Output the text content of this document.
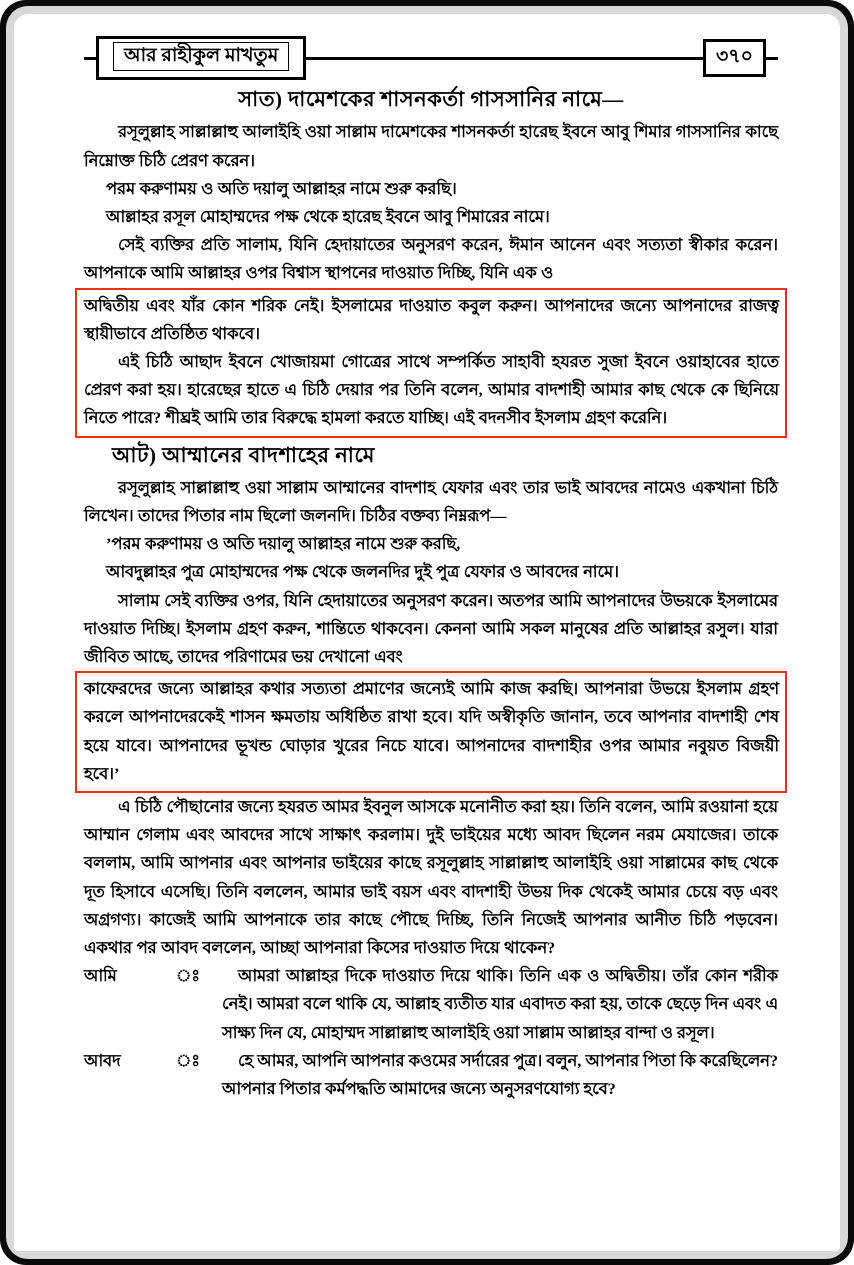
আর রাহীকুল মাখতুম	৩৭০
সাত) দামেশকের শাসনকর্তা গাসসানির নামে—

রসূলুল্লাহ সাল্লাল্লাহু আলাইহি ওয়া সাল্লাম দামেশকের শাসনকর্তা হারেছ ইবনে আবু শিমার গাসসানির কাছে নিম্নোক্ত চিঠি প্রেরণ করেন।

পরম করুণাময় ও অতি দয়ালু আল্লাহর নামে শুরু করছি।

আল্লাহর রসূল মোহাম্মদের পক্ষ থেকে হারেছ ইবনে আবু শিমারের নামে।

সেই ব্যক্তির প্রতি সালাম, যিনি হেদায়াতের অনুসরণ করেন, ঈমান আনেন এবং সত্যতা স্বীকার করেন। আপনাকে আমি আল্লাহর ওপর বিশ্বাস স্থাপনের দাওয়াত দিচ্ছি, যিনি এক ও

অদ্বিতীয় এবং যাঁর কোন শরিক নেই। ইসলামের দাওয়াত কবুল করুন। আপনাদের জন্যে আপনাদের রাজত্ব স্থায়ীভাবে প্রতিষ্ঠিত থাকবে।

এই চিঠি আছাদ ইবনে খোজায়মা গোত্রের সাথে সম্পর্কিত সাহাবী হযরত সুজা ইবনে ওয়াহাবের হাতে প্রেরণ করা হয়। হারেছের হাতে এ চিঠি দেয়ার পর তিনি বলেন, আমার বাদশাহী আমার কাছ থেকে কে ছিনিয়ে নিতে পারে? শীঘ্রই আমি তার বিরুদ্ধে হামলা করতে যাচ্ছি। এই বদনসীব ইসলাম গ্রহণ করেনি।

আট) আম্মানের বাদশাহের নামে

রসূলুল্লাহ সাল্লাল্লাহু ওয়া সাল্লাম আম্মানের বাদশাহ যেফার এবং তার ভাই আবদের নামেও একখানা চিঠি লিখেন। তাদের পিতার নাম ছিলো জলনদি। চিঠির বক্তব্য নিম্নরূপ—

’পরম করুণাময় ও অতি দয়ালু আল্লাহর নামে শুরু করছি,

আবদুল্লাহর পুত্র মোহাম্মদের পক্ষ থেকে জলনদির দুই পুত্র যেফার ও আবদের নামে।

সালাম সেই ব্যক্তির ওপর, যিনি হেদায়াতের অনুসরণ করেন। অতপর আমি আপনাদের উভয়কে ইসলামের দাওয়াত দিচ্ছি। ইসলাম গ্রহণ করুন, শান্তিতে থাকবেন। কেননা আমি সকল মানুষের প্রতি আল্লাহর রসুল। যারা জীবিত আছে, তাদের পরিণামের ভয় দেখানো এবং

কাফেরদের জন্যে আল্লাহর কথার সত্যতা প্রমাণের জন্যেই আমি কাজ করছি। আপনারা উভয়ে ইসলাম গ্রহণ করলে আপনাদেরকেই শাসন ক্ষমতায় অধিষ্ঠিত রাখা হবে। যদি অস্বীকৃতি জানান, তবে আপনার বাদশাহী শেষ হয়ে যাবে। আপনাদের ভূখন্ড ঘোড়ার খুরের নিচে যাবে। আপনাদের বাদশাহীর ওপর আমার নবুয়ত বিজয়ী হবে।’

এ চিঠি পৌছানোর জন্যে হযরত আমর ইবনুল আসকে মনোনীত করা হয়। তিনি বলেন, আমি রওয়ানা হয়ে আম্মান গেলাম এবং আবদের সাথে সাক্ষাৎ করলাম। দুই ভাইয়ের মধ্যে আবদ ছিলেন নরম মেযাজের। তাকে বললাম, আমি আপনার এবং আপনার ভাইয়ের কাছে রসূলুল্লাহ সাল্লাল্লাহু আলাইহি ওয়া সাল্লামের কাছ থেকে দূত হিসাবে এসেছি। তিনি বললেন, আমার ভাই বয়স এবং বাদশাহী উভয় দিক থেকেই আমার চেয়ে বড় এবং অগ্রগণ্য। কাজেই আমি আপনাকে তার কাছে পৌছে দিচ্ছি, তিনি নিজেই আপনার আনীত চিঠি পড়বেন। একথার পর আবদ বললেন, আচ্ছা আপনারা কিসের দাওয়াত দিয়ে থাকেন?

আমি	ঃ	আমরা আল্লাহর দিকে দাওয়াত দিয়ে থাকি। তিনি এক ও অদ্বিতীয়। তাঁর কোন শরীক নেই। আমরা বলে থাকি যে, আল্লাহ ব্যতীত যার এবাদত করা হয়, তাকে ছেড়ে দিন এবং এ সাক্ষ্য দিন যে, মোহাম্মদ সাল্লাল্লাহু আলাইহি ওয়া সাল্লাম আল্লাহর বান্দা ও রসূল।
আবদ	ঃ	হে আমর, আপনি আপনার কওমের সর্দারের পুত্র। বলুন, আপনার পিতা কি করেছিলেন? আপনার পিতার কর্মপদ্ধতি আমাদের জন্যে অনুসরণযোগ্য হবে?
